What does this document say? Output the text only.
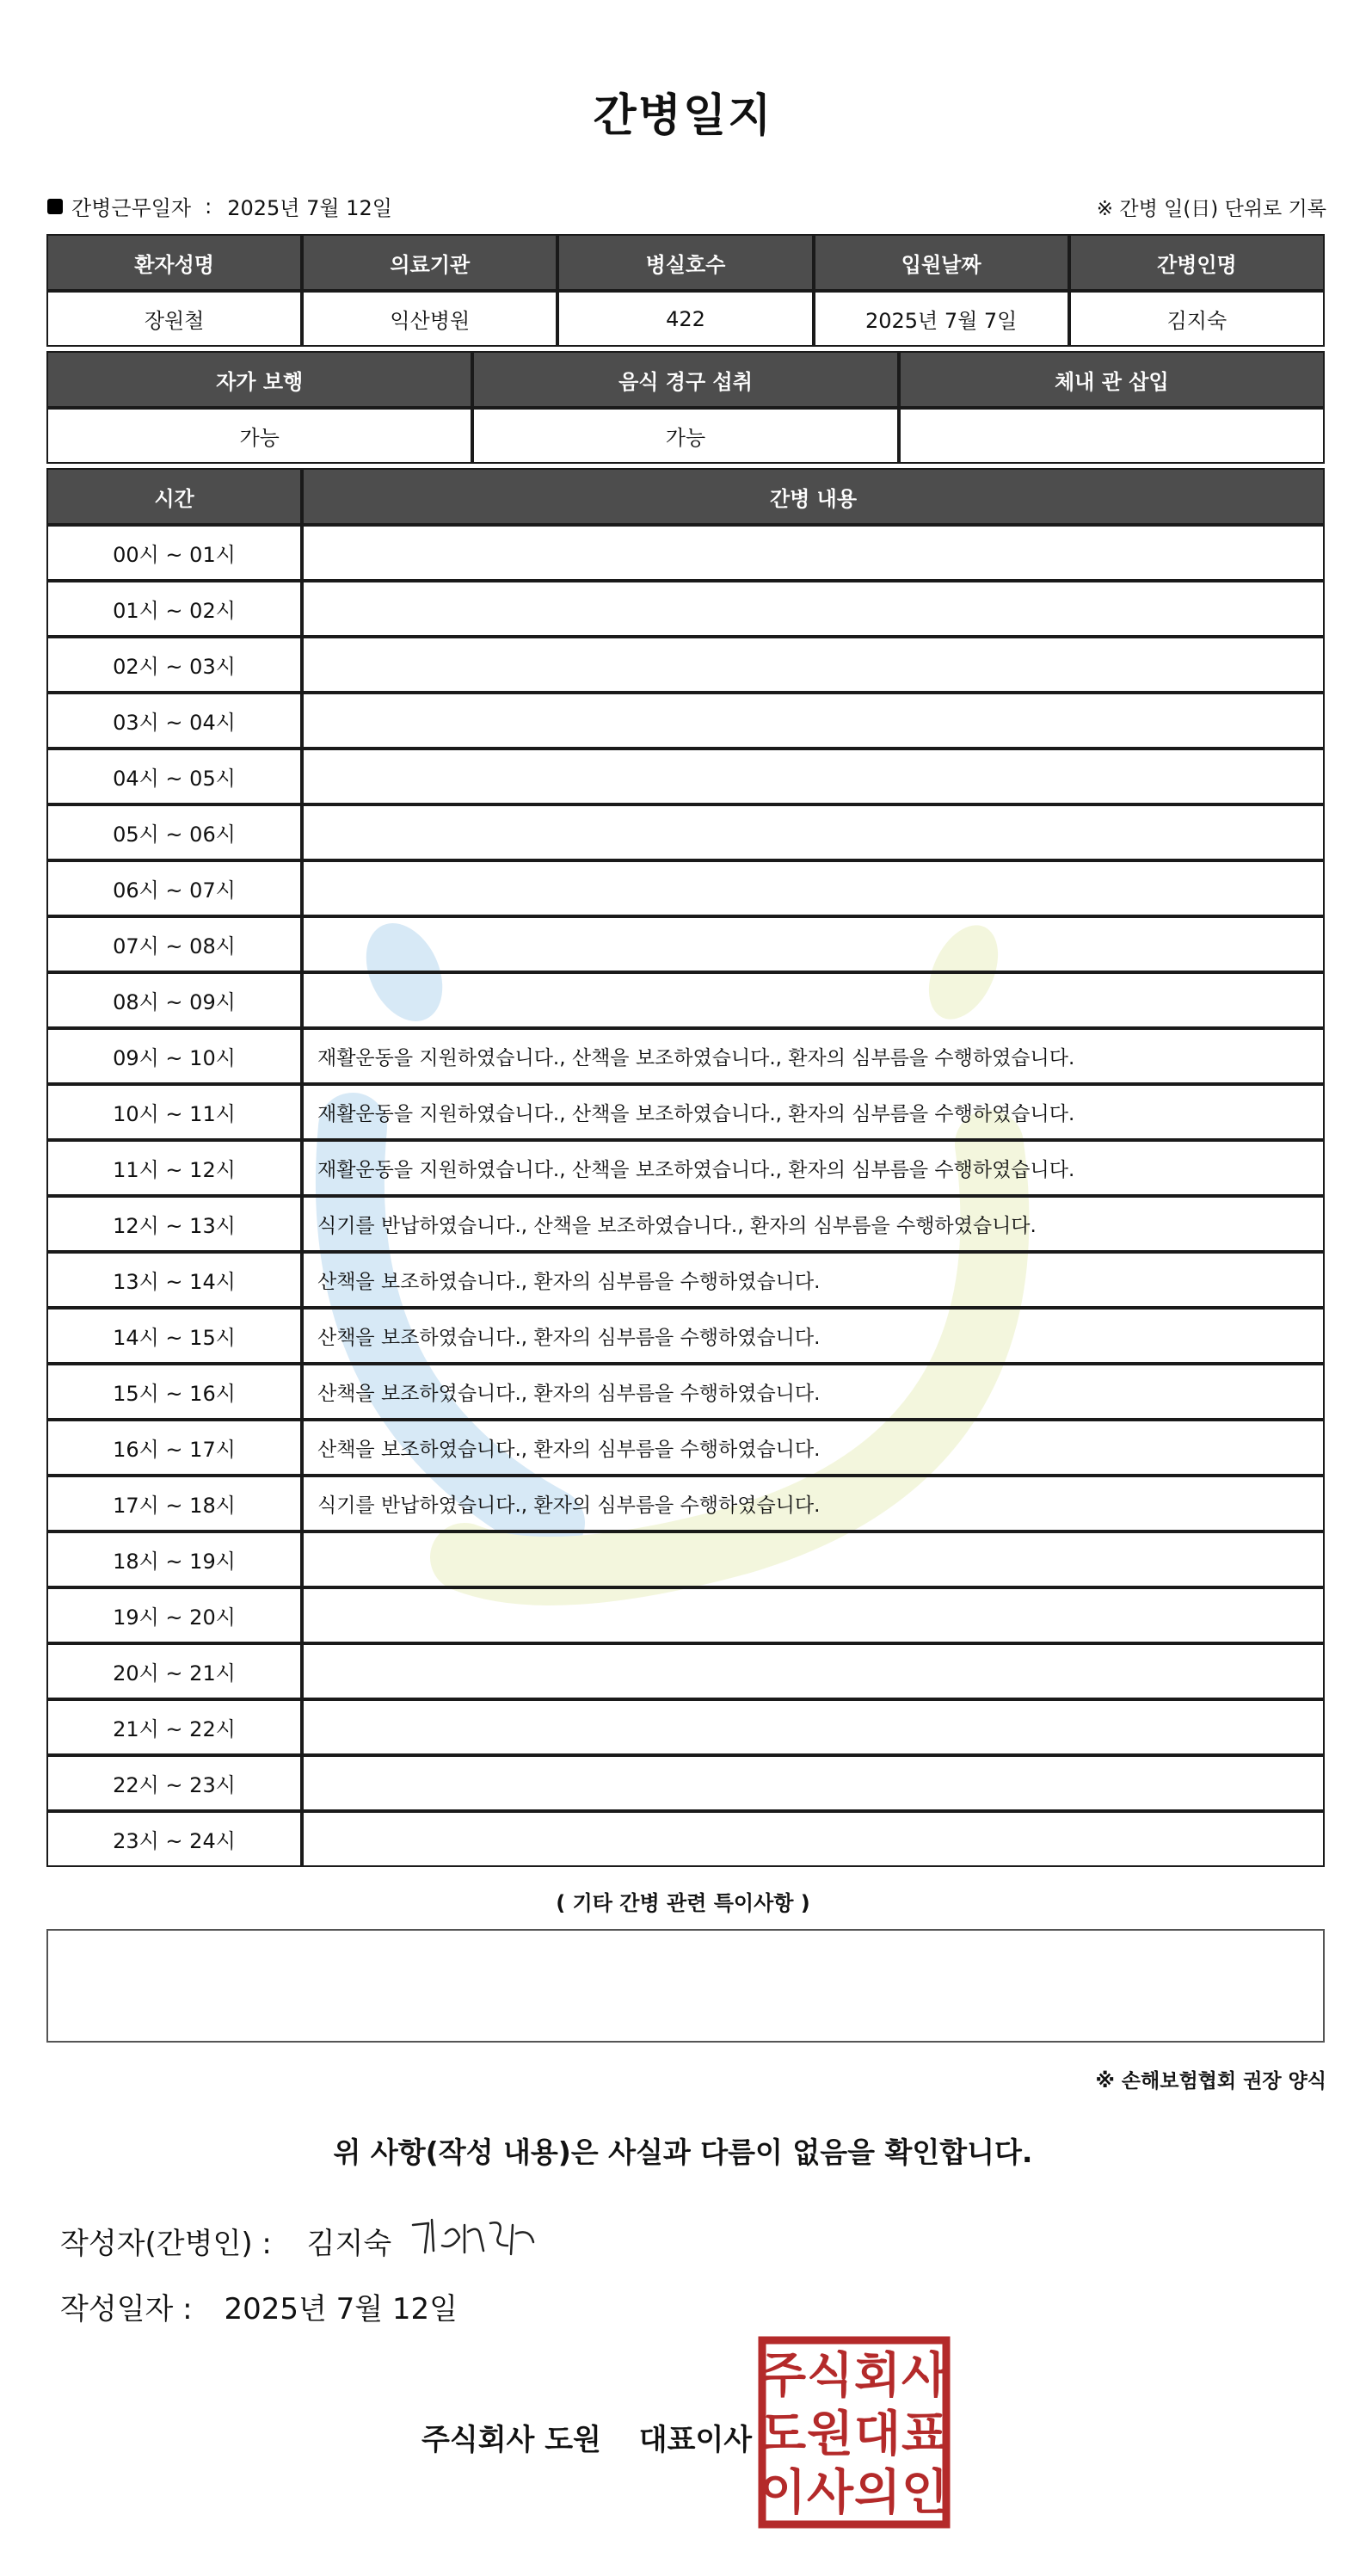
간병일지
간병근무일자 : 2025년 7월 12일	※ 간병 일(日) 단위로 기록
환자성명	의료기관	병실호수	입원날짜	간병인명
장원철	익산병원	422	2025년 7월 7일	김지숙
자가 보행	음식 경구 섭취	체내 관 삽입
가능	가능	
시간	간병 내용
00시 ~ 01시	
01시 ~ 02시	
02시 ~ 03시	
03시 ~ 04시	
04시 ~ 05시	
05시 ~ 06시	
06시 ~ 07시	
07시 ~ 08시	
08시 ~ 09시	
09시 ~ 10시	재활운동을 지원하였습니다., 산책을 보조하였습니다., 환자의 심부름을 수행하였습니다.
10시 ~ 11시	재활운동을 지원하였습니다., 산책을 보조하였습니다., 환자의 심부름을 수행하였습니다.
11시 ~ 12시	재활운동을 지원하였습니다., 산책을 보조하였습니다., 환자의 심부름을 수행하였습니다.
12시 ~ 13시	식기를 반납하였습니다., 산책을 보조하였습니다., 환자의 심부름을 수행하였습니다.
13시 ~ 14시	산책을 보조하였습니다., 환자의 심부름을 수행하였습니다.
14시 ~ 15시	산책을 보조하였습니다., 환자의 심부름을 수행하였습니다.
15시 ~ 16시	산책을 보조하였습니다., 환자의 심부름을 수행하였습니다.
16시 ~ 17시	산책을 보조하였습니다., 환자의 심부름을 수행하였습니다.
17시 ~ 18시	식기를 반납하였습니다., 환자의 심부름을 수행하였습니다.
18시 ~ 19시	
19시 ~ 20시	
20시 ~ 21시	
21시 ~ 22시	
22시 ~ 23시	
23시 ~ 24시	
( 기타 간병 관련 특이사항 )
※ 손해보험협회 권장 양식
위 사항(작성 내용)은 사실과 다름이 없음을 확인합니다.
작성자(간병인) : 김지숙
작성일자 : 2025년 7월 12일
주식회사 도원 대표이사
주 식 회 사
도 원 대 표
이 사 의 인
